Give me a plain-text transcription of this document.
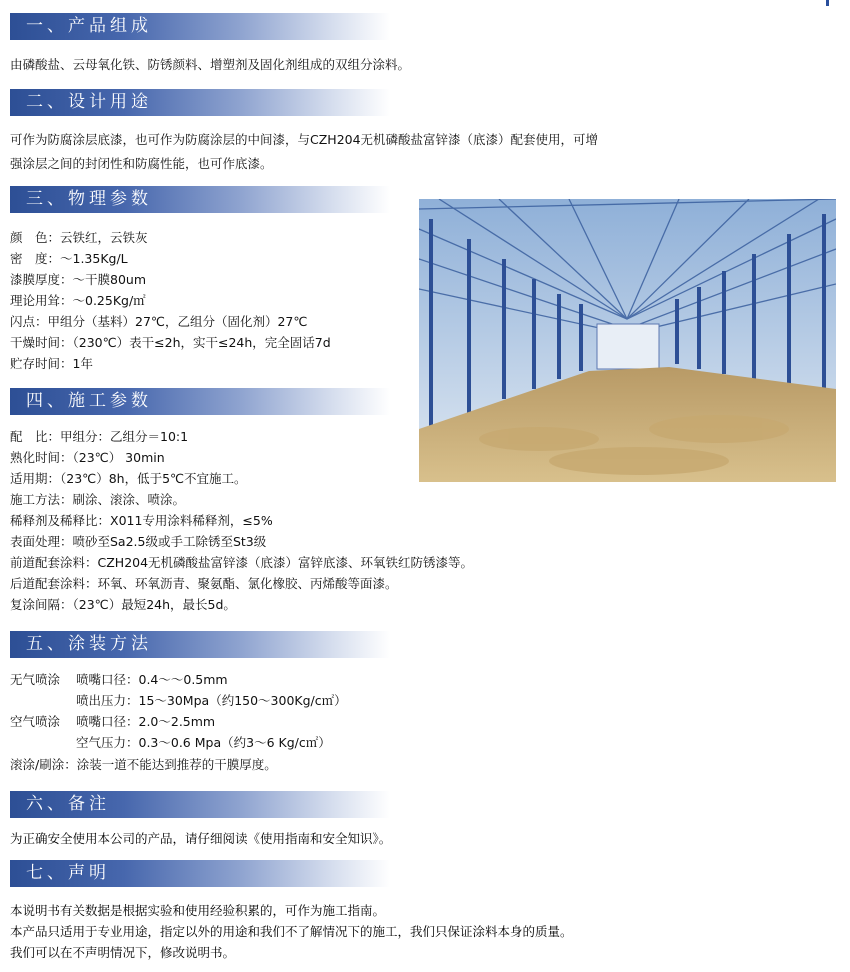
一、产品组成

由磷酸盐、云母氧化铁、防锈颜料、增塑剂及固化剂组成的双组分涂料。

二、设计用途

可作为防腐涂层底漆，也可作为防腐涂层的中间漆，与CZH204无机磷酸盐富锌漆（底漆）配套使用，可增

强涂层之间的封闭性和防腐性能，也可作底漆。

三、物理参数

颜　色：云铁红，云铁灰

密　度：～1.35Kg/L

漆膜厚度：～干膜80um

理论用耸：～0.25Kg/㎡

闪点：甲组分（基料）27℃，乙组分（固化剂）27℃

干燥时间：（230℃）表干≤2h，实干≤24h，完全固话7d

贮存时间：1年

四、施工参数

配　比：甲组分：乙组分＝10:1

熟化时间：（23℃） 30min

适用期：（23℃）8h，低于5℃不宜施工。

施工方法：刷涂、滚涂、喷涂。

稀释剂及稀释比：X011专用涂料稀释剂，≤5%

表面处理：喷砂至Sa2.5级或手工除锈至St3级

前道配套涂料：CZH204无机磷酸盐富锌漆（底漆）富锌底漆、环氧铁红防锈漆等。

后道配套涂料：环氧、环氧沥青、聚氨酯、氯化橡胶、丙烯酸等面漆。

复涂间隔：（23℃）最短24h，最长5d。

五、涂装方法

无气喷涂 喷嘴口径：0.4～～0.5mm

喷出压力：15～30Mpa（约150～300Kg/c㎡）

空气喷涂 喷嘴口径：2.0～2.5mm

空气压力：0.3～0.6 Mpa（约3～6 Kg/c㎡）

滚涂/刷涂：涂装一道不能达到推荐的干膜厚度。

六、备注

为正确安全使用本公司的产品，请仔细阅读《使用指南和安全知识》。

七、声明

本说明书有关数据是根据实验和使用经验积累的，可作为施工指南。

本产品只适用于专业用途，指定以外的用途和我们不了解情况下的施工，我们只保证涂料本身的质量。

我们可以在不声明情况下，修改说明书。
